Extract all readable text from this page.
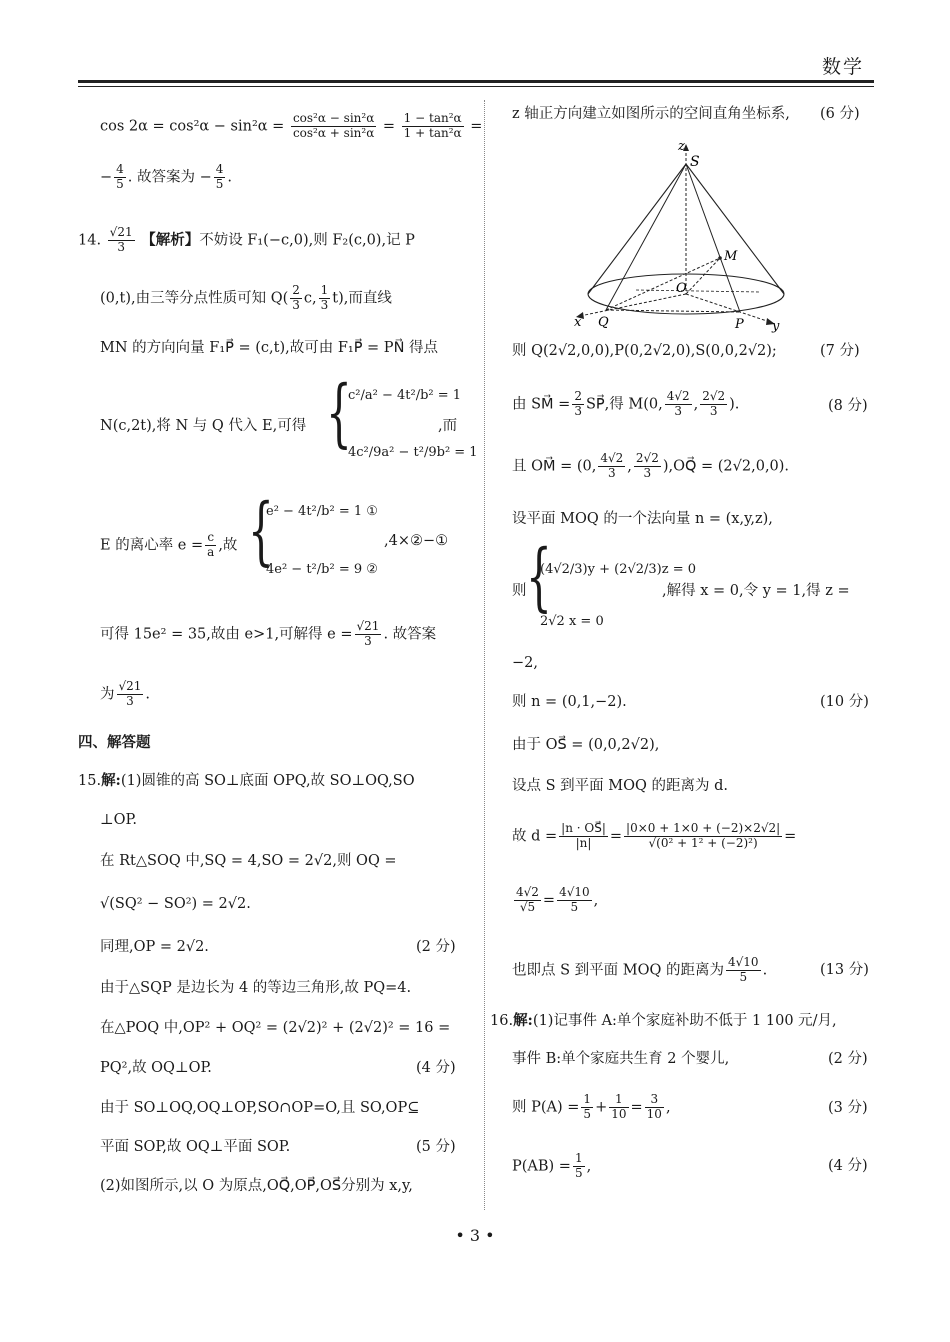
数学
$\cos 2\alpha = \cos^2\alpha - \sin^2\alpha = \frac{\text{cos²α − sin²α}}{\text{cos²α + sin²α}} = \frac{\text{1 − tan²α}}{\text{1 + tan²α}}$ =
− $\frac{4}{5}$ . 故答案为 − $\frac{4}{5}$ .
14. $\frac{√21}{3}$ 【解析】不妨设 F₁(−c,0),则 F₂(c,0),记 P
(0,t),由三等分点性质可知 $Q( \frac{2}{3} c$, $\frac{1}{3} t$),而直线
MN 的方向向量 F₁P⃗ = (c,t),故可由 F₁P⃗ = PN⃗ 得点
N(c,2t),将 N 与 Q 代入 E,可得 {
c²/a² − 4t²/b² = 1
4c²/9a² − t²/9b² = 1
,而
E 的离心率 $e = \frac{c}{a}$ ,故 {
e² − 4t²/b² = 1 ①
4e² − t²/b² = 9 ②
,4×②−①
可得 15e² = 35,故由 e>1,可解得 $e = \frac{√21}{3}$ . 故答案
为 $\frac{√21}{3}$ .
四、解答题
15.解:(1)圆锥的高 SO⊥底面 OPQ,故 SO⊥OQ,SO
⊥OP.
在 Rt△SOQ 中,SQ = 4,SO = 2√2,则 OQ =
√(SQ² − SO²) = 2√2.
同理,OP = 2√2.	(2 分)
由于△SQP 是边长为 4 的等边三角形,故 PQ=4.
在△POQ 中,OP² + OQ² = (2√2)² + (2√2)² = 16 =
PQ²,故 OQ⊥OP.	(4 分)
由于 SO⊥OQ,OQ⊥OP,SO∩OP=O,且 SO,OP⊆
平面 SOP,故 OQ⊥平面 SOP.	(5 分)
(2)如图所示,以 O 为原点,OQ⃗,OP⃗,OS⃗分别为 x,y,
z 轴正方向建立如图所示的空间直角坐标系, (6 分)
z
S
M
O
x Q	P y
则 Q(2√2,0,0),P(0,2√2,0),S(0,0,2√2);	(7 分)
由 SM⃗ = $\frac{2}{3}$ SP⃗,得 M(0, $\frac{4√2}{3}$ , $\frac{2√2}{3}$ ).	(8 分)
且 OM⃗ = (0, $\frac{4√2}{3}$ , $\frac{2√2}{3}$ ),OQ⃗ = (2√2,0,0).
设平面 MOQ 的一个法向量 n = (x,y,z),
则 {
(4√2/3)y + (2√2/3)z = 0
2√2 x = 0
,解得 x = 0,令 y = 1,得 z =
−2,
则 n = (0,1,−2).	(10 分)
由于 OS⃗ = (0,0,2√2),
设点 S 到平面 MOQ 的距离为 d.
故 $d = \frac{|n \cdot OS⃗|}{|n|} = \frac{|0\times 0 + 1\times 0 + (-2)\times 2√2|}{\text{√(0² + 1² + (−2)²)}}$ =
$\frac{4√2}{√5} = \frac{4√10}{5}$ ,
也即点 S 到平面 MOQ 的距离为 $\frac{4√10}{5}$ .	(13 分)
16.解:(1)记事件 A:单个家庭补助不低于 1 100 元/月,
事件 B:单个家庭共生育 2 个婴儿,	(2 分)
则 $P(A) = \frac{1}{5} + \frac{1}{10} = \frac{3}{10}$ ,	(3 分)
$P(AB) = \frac{1}{5}$ ,	(4 分)
• 3 •
